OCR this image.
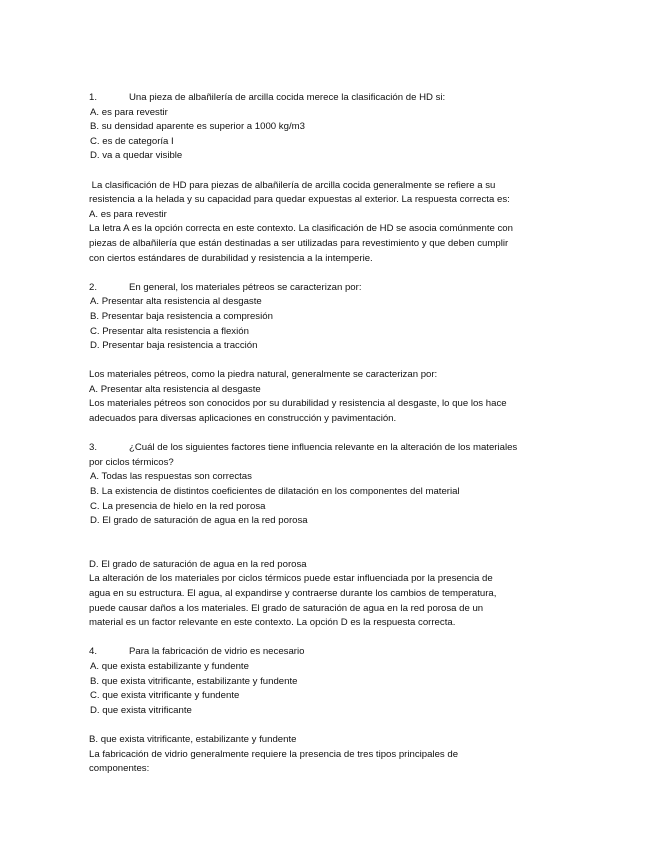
1.	Una pieza de albañilería de arcilla cocida merece la clasificación de HD si:
A. es para revestir
B. su densidad aparente es superior a 1000 kg/m3
C. es de categoría I
D. va a quedar visible
La clasificación de HD para piezas de albañilería de arcilla cocida generalmente se refiere a su
resistencia a la helada y su capacidad para quedar expuestas al exterior. La respuesta correcta es:
A. es para revestir
La letra A es la opción correcta en este contexto. La clasificación de HD se asocia comúnmente con
piezas de albañilería que están destinadas a ser utilizadas para revestimiento y que deben cumplir
con ciertos estándares de durabilidad y resistencia a la intemperie.
2.	En general, los materiales pétreos se caracterizan por:
A. Presentar alta resistencia al desgaste
B. Presentar baja resistencia a compresión
C. Presentar alta resistencia a flexión
D. Presentar baja resistencia a tracción
Los materiales pétreos, como la piedra natural, generalmente se caracterizan por:
A. Presentar alta resistencia al desgaste
Los materiales pétreos son conocidos por su durabilidad y resistencia al desgaste, lo que los hace
adecuados para diversas aplicaciones en construcción y pavimentación.
3.	¿Cuál de los siguientes factores tiene influencia relevante en la alteración de los materiales
por ciclos térmicos?
A. Todas las respuestas son correctas
B. La existencia de distintos coeficientes de dilatación en los componentes del material
C. La presencia de hielo en la red porosa
D. El grado de saturación de agua en la red porosa
D. El grado de saturación de agua en la red porosa
La alteración de los materiales por ciclos térmicos puede estar influenciada por la presencia de
agua en su estructura. El agua, al expandirse y contraerse durante los cambios de temperatura,
puede causar daños a los materiales. El grado de saturación de agua en la red porosa de un
material es un factor relevante en este contexto. La opción D es la respuesta correcta.
4.	Para la fabricación de vidrio es necesario
A. que exista estabilizante y fundente
B. que exista vitrificante, estabilizante y fundente
C. que exista vitrificante y fundente
D. que exista vitrificante
B. que exista vitrificante, estabilizante y fundente
La fabricación de vidrio generalmente requiere la presencia de tres tipos principales de
componentes:
